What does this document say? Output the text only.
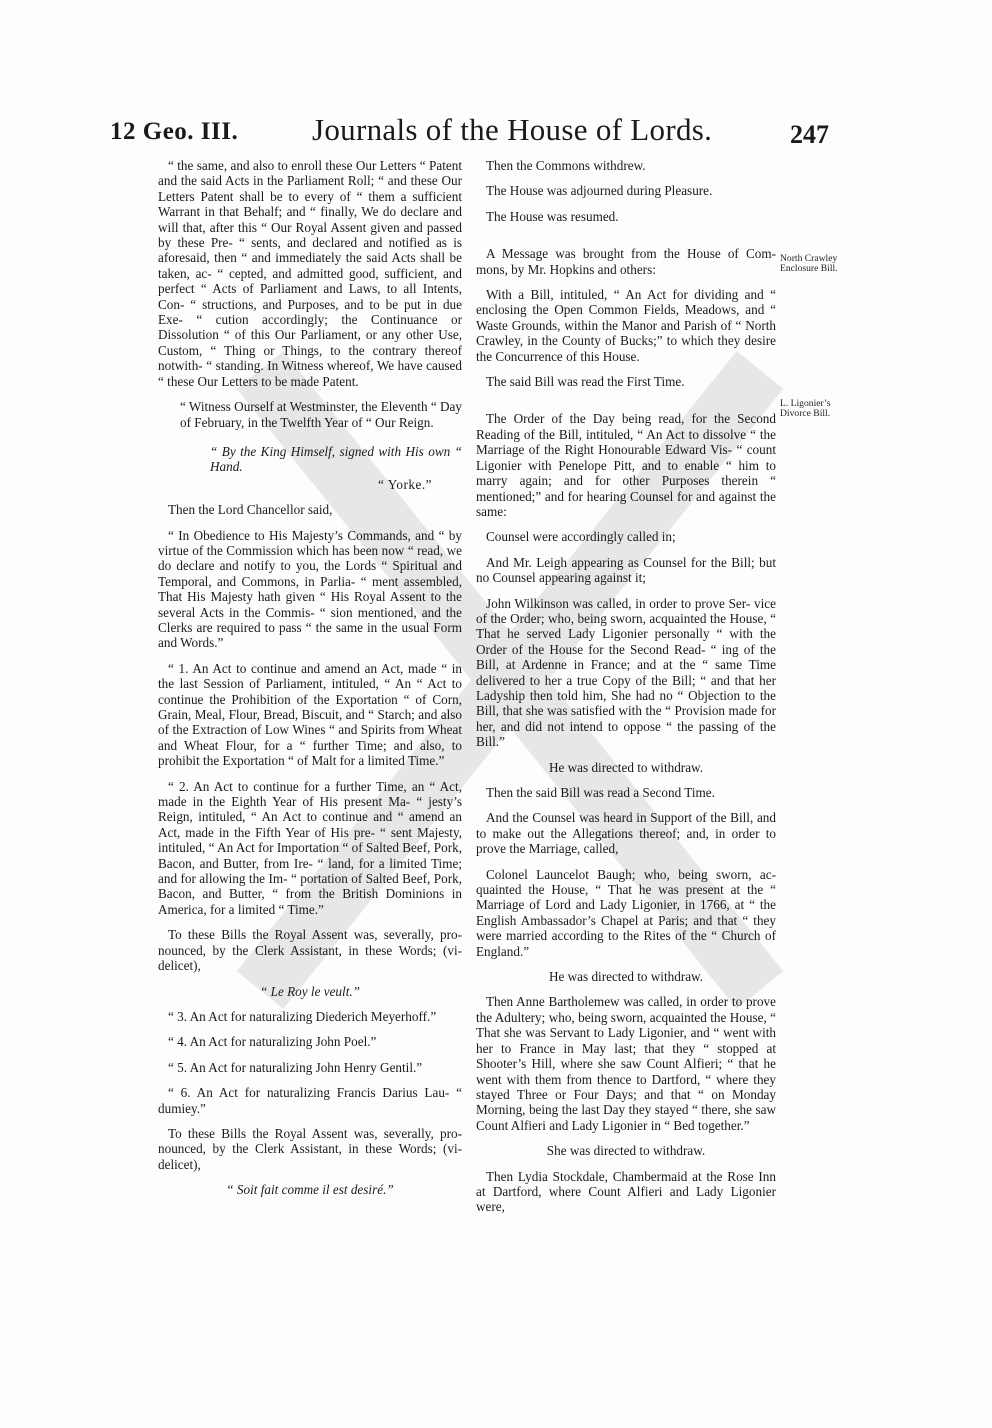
12 Geo. III. Journals of the House of Lords.	247

“ the same, and also to enroll these Our Letters “ Patent and the said Acts in the Parliament Roll; “ and these Our Letters Patent shall be to every of “ them a sufficient Warrant in that Behalf; and “ finally, We do declare and will that, after this “ Our Royal Assent given and passed by these Pre- “ sents, and declared and notified as is aforesaid, then “ and immediately the said Acts shall be taken, ac- “ cepted, and admitted good, sufficient, and perfect “ Acts of Parliament and Laws, to all Intents, Con- “ structions, and Purposes, and to be put in due Exe- “ cution accordingly; the Continuance or Dissolution “ of this Our Parliament, or any other Use, Custom, “ Thing or Things, to the contrary thereof notwith- “ standing. In Witness whereof, We have caused “ these Our Letters to be made Patent.

“ Witness Ourself at Westminster, the Eleventh “ Day of February, in the Twelfth Year of “ Our Reign.

“ By the King Himself, signed with His own “ Hand.

“ Yorke.”

Then the Lord Chancellor said,

“ In Obedience to His Majesty’s Commands, and “ by virtue of the Commission which has been now “ read, we do declare and notify to you, the Lords “ Spiritual and Temporal, and Commons, in Parlia- “ ment assembled, That His Majesty hath given “ His Royal Assent to the several Acts in the Commis- “ sion mentioned, and the Clerks are required to pass “ the same in the usual Form and Words.”

“ 1. An Act to continue and amend an Act, made “ in the last Session of Parliament, intituled, “ An “ Act to continue the Prohibition of the Exportation “ of Corn, Grain, Meal, Flour, Bread, Biscuit, and “ Starch; and also of the Extraction of Low Wines “ and Spirits from Wheat and Wheat Flour, for a “ further Time; and also, to prohibit the Exportation “ of Malt for a limited Time.”

“ 2. An Act to continue for a further Time, an “ Act, made in the Eighth Year of His present Ma- “ jesty’s Reign, intituled, “ An Act to continue and “ amend an Act, made in the Fifth Year of His pre- “ sent Majesty, intituled, “ An Act for Importation “ of Salted Beef, Pork, Bacon, and Butter, from Ire- “ land, for a limited Time; and for allowing the Im- “ portation of Salted Beef, Pork, Bacon, and Butter, “ from the British Dominions in America, for a limited “ Time.”

To these Bills the Royal Assent was, severally, pro- nounced, by the Clerk Assistant, in these Words; (vi- delicet),

“ Le Roy le veult.”

“ 3. An Act for naturalizing Diederich Meyerhoff.”

“ 4. An Act for naturalizing John Poel.”

“ 5. An Act for naturalizing John Henry Gentil.”

“ 6. An Act for naturalizing Francis Darius Lau- “ dumiey.”

To these Bills the Royal Assent was, severally, pro- nounced, by the Clerk Assistant, in these Words; (vi- delicet),

“ Soit fait comme il est desiré.”

Then the Commons withdrew.

The House was adjourned during Pleasure.

The House was resumed.

A Message was brought from the House of Com- mons, by Mr. Hopkins and others:

With a Bill, intituled, “ An Act for dividing and “ enclosing the Open Common Fields, Meadows, and “ Waste Grounds, within the Manor and Parish of “ North Crawley, in the County of Bucks;” to which they desire the Concurrence of this House.

The said Bill was read the First Time.

The Order of the Day being read, for the Second Reading of the Bill, intituled, “ An Act to dissolve “ the Marriage of the Right Honourable Edward Vis- “ count Ligonier with Penelope Pitt, and to enable “ him to marry again; and for other Purposes therein “ mentioned;” and for hearing Counsel for and against the same:

Counsel were accordingly called in;

And Mr. Leigh appearing as Counsel for the Bill; but no Counsel appearing against it;

John Wilkinson was called, in order to prove Ser- vice of the Order; who, being sworn, acquainted the House, “ That he served Lady Ligonier personally “ with the Order of the House for the Second Read- “ ing of the Bill, at Ardenne in France; and at the “ same Time delivered to her a true Copy of the Bill; “ and that her Ladyship then told him, She had no “ Objection to the Bill, that she was satisfied with the “ Provision made for her, and did not intend to oppose “ the passing of the Bill.”

He was directed to withdraw.

Then the said Bill was read a Second Time.

And the Counsel was heard in Support of the Bill, and to make out the Allegations thereof; and, in order to prove the Marriage, called,

Colonel Launcelot Baugh; who, being sworn, ac- quainted the House, “ That he was present at the “ Marriage of Lord and Lady Ligonier, in 1766, at “ the English Ambassador’s Chapel at Paris; and that “ they were married according to the Rites of the “ Church of England.”

He was directed to withdraw.

Then Anne Bartholemew was called, in order to prove the Adultery; who, being sworn, acquainted the House, “ That she was Servant to Lady Ligonier, and “ went with her to France in May last; that they “ stopped at Shooter’s Hill, where she saw Count Alfieri; “ that he went with them from thence to Dartford, “ where they stayed Three or Four Days; and that “ on Monday Morning, being the last Day they stayed “ there, she saw Count Alfieri and Lady Ligonier in “ Bed together.”

She was directed to withdraw.

Then Lydia Stockdale, Chambermaid at the Rose Inn at Dartford, where Count Alfieri and Lady Ligonier were,

North Crawley Enclosure Bill.
L. Ligonier’s Divorce Bill.
